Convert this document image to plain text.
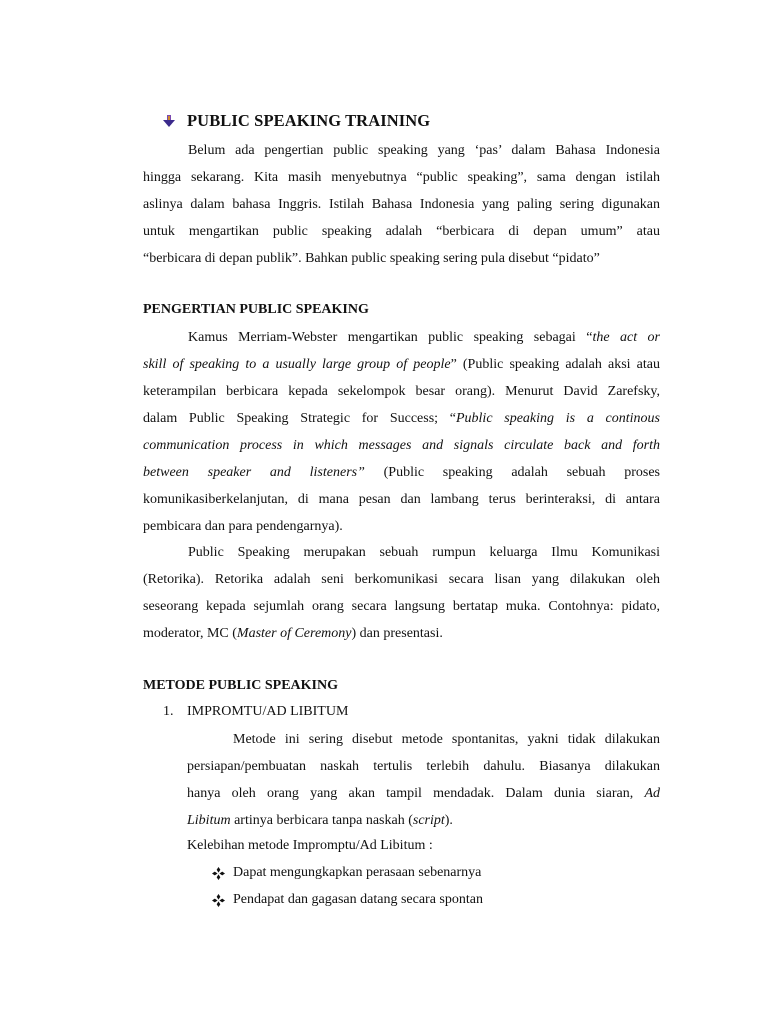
PUBLIC SPEAKING TRAINING
Belum ada pengertian public speaking yang ‘pas’ dalam Bahasa Indonesia
hingga sekarang. Kita masih menyebutnya “public speaking”, sama dengan istilah
aslinya dalam bahasa Inggris. Istilah Bahasa Indonesia yang paling sering digunakan
untuk mengartikan public speaking adalah “berbicara di depan umum” atau
“berbicara di depan publik”. Bahkan public speaking sering pula disebut “pidato”
PENGERTIAN PUBLIC SPEAKING
Kamus Merriam-Webster mengartikan public speaking sebagai “the act or
skill of speaking to a usually large group of people” (Public speaking adalah aksi atau
keterampilan berbicara kepada sekelompok besar orang). Menurut David Zarefsky,
dalam Public Speaking Strategic for Success; “Public speaking is a continous
communication process in which messages and signals circulate back and forth
between speaker and listeners” (Public speaking adalah sebuah proses
komunikasiberkelanjutan, di mana pesan dan lambang terus berinteraksi, di antara
pembicara dan para pendengarnya).
Public Speaking merupakan sebuah rumpun keluarga Ilmu Komunikasi
(Retorika). Retorika adalah seni berkomunikasi secara lisan yang dilakukan oleh
seseorang kepada sejumlah orang secara langsung bertatap muka. Contohnya: pidato,
moderator, MC (Master of Ceremony) dan presentasi.
METODE PUBLIC SPEAKING
1. IMPROMTU/AD LIBITUM
Metode ini sering disebut metode spontanitas, yakni tidak dilakukan
persiapan/pembuatan naskah tertulis terlebih dahulu. Biasanya dilakukan
hanya oleh orang yang akan tampil mendadak. Dalam dunia siaran, Ad
Libitum artinya berbicara tanpa naskah (script).
Kelebihan metode Impromptu/Ad Libitum :
Dapat mengungkapkan perasaan sebenarnya
Pendapat dan gagasan datang secara spontan
